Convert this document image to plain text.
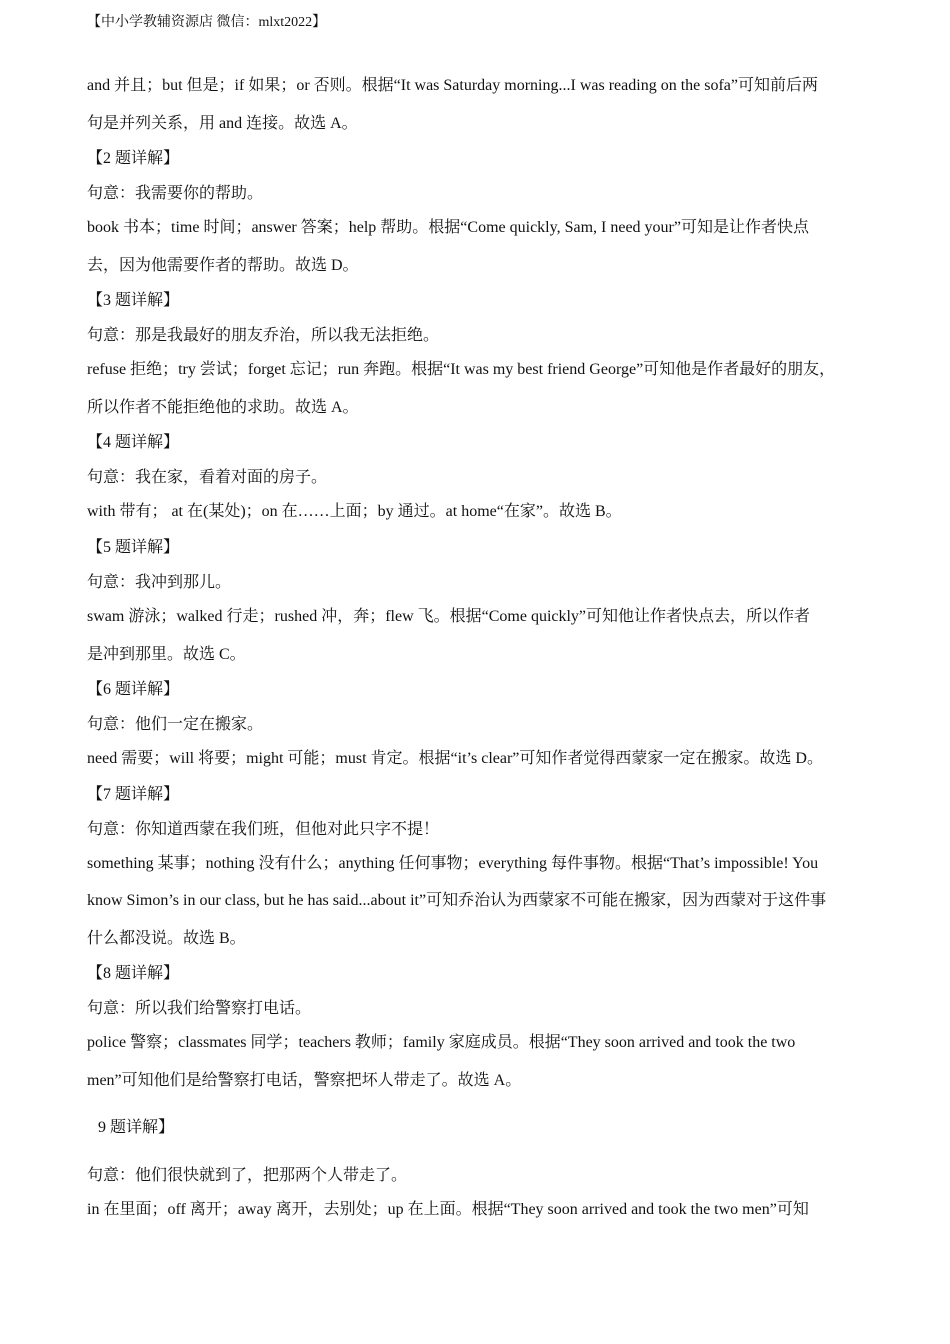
【中小学教辅资源店 微信：mlxt2022】
and 并且；but 但是；if 如果；or 否则。根据“It was Saturday morning...I was reading on the sofa”可知前后两
句是并列关系，用 and 连接。故选 A。
【2 题详解】
句意：我需要你的帮助。
book 书本；time 时间；answer 答案；help 帮助。根据“Come quickly, Sam, I need your”可知是让作者快点
去，因为他需要作者的帮助。故选 D。
【3 题详解】
句意：那是我最好的朋友乔治，所以我无法拒绝。
refuse 拒绝；try 尝试；forget 忘记；run 奔跑。根据“It was my best friend George”可知他是作者最好的朋友，
所以作者不能拒绝他的求助。故选 A。
【4 题详解】
句意：我在家，看着对面的房子。
with 带有； at 在(某处)；on 在……上面；by 通过。at home“在家”。故选 B。
【5 题详解】
句意：我冲到那儿。
swam 游泳；walked 行走；rushed 冲，奔；flew 飞。根据“Come quickly”可知他让作者快点去，所以作者
是冲到那里。故选 C。
【6 题详解】
句意：他们一定在搬家。
need 需要；will 将要；might 可能；must 肯定。根据“it’s clear”可知作者觉得西蒙家一定在搬家。故选 D。
【7 题详解】
句意：你知道西蒙在我们班，但他对此只字不提！
something 某事；nothing 没有什么；anything 任何事物；everything 每件事物。根据“That’s impossible! You
know Simon’s in our class, but he has said...about it”可知乔治认为西蒙家不可能在搬家，因为西蒙对于这件事
什么都没说。故选 B。
【8 题详解】
句意：所以我们给警察打电话。
police 警察；classmates 同学；teachers 教师；family 家庭成员。根据“They soon arrived and took the two
men”可知他们是给警察打电话，警察把坏人带走了。故选 A。
9 题详解】
句意：他们很快就到了，把那两个人带走了。
in 在里面；off 离开；away 离开，去别处；up 在上面。根据“They soon arrived and took the two men”可知
